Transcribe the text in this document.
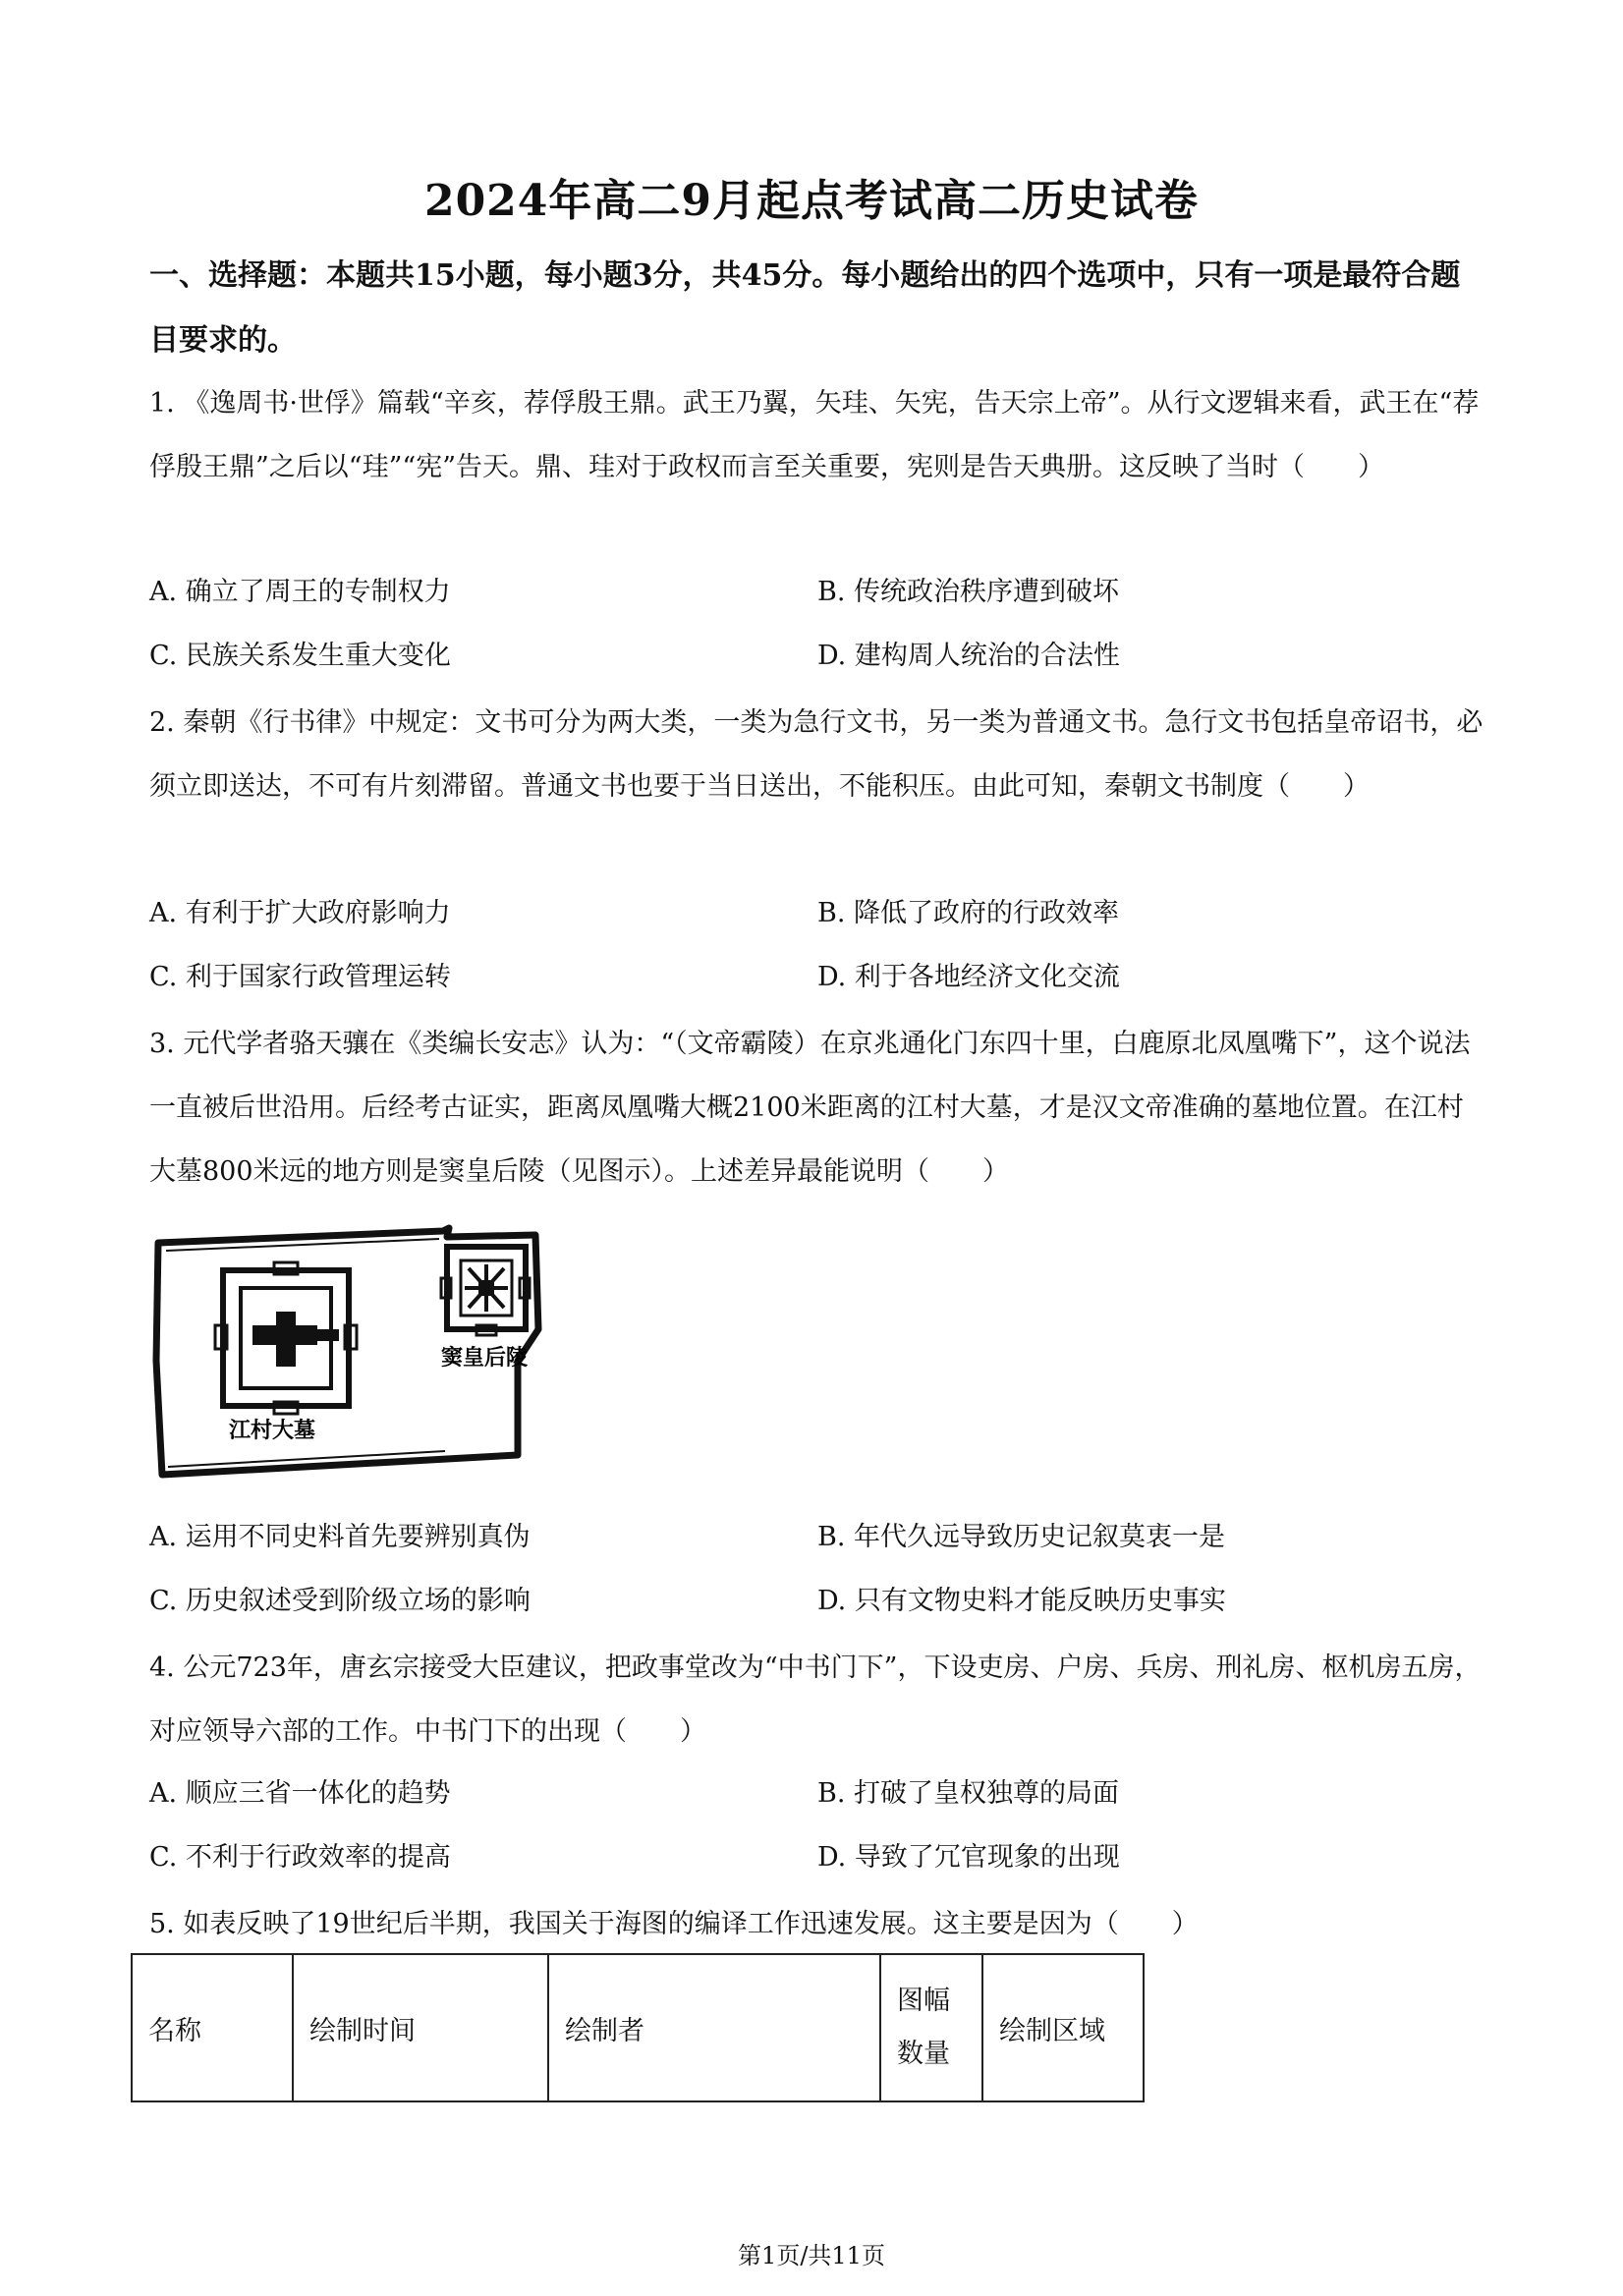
2024年高二9月起点考试高二历史试卷
一、选择题：本题共15小题，每小题3分，共45分。每小题给出的四个选项中，只有一项是最符合题目要求的。
1. 《逸周书·世俘》篇载“辛亥，荐俘殷王鼎。武王乃翼，矢珪、矢宪，告天宗上帝”。从行文逻辑来看，武王在“荐俘殷王鼎”之后以“珪”“宪”告天。鼎、珪对于政权而言至关重要，宪则是告天典册。这反映了当时（　　）
A. 确立了周王的专制权力	B. 传统政治秩序遭到破坏
C. 民族关系发生重大变化	D. 建构周人统治的合法性
2. 秦朝《行书律》中规定：文书可分为两大类，一类为急行文书，另一类为普通文书。急行文书包括皇帝诏书，必须立即送达，不可有片刻滞留。普通文书也要于当日送出，不能积压。由此可知，秦朝文书制度（　　）
A. 有利于扩大政府影响力	B. 降低了政府的行政效率
C. 利于国家行政管理运转	D. 利于各地经济文化交流
3. 元代学者骆天骧在《类编长安志》认为：“（文帝霸陵）在京兆通化门东四十里，白鹿原北凤凰嘴下”，这个说法一直被后世沿用。后经考古证实，距离凤凰嘴大概2100米距离的江村大墓，才是汉文帝准确的墓地位置。在江村大墓800米远的地方则是窦皇后陵（见图示）。上述差异最能说明（　　）
窦皇后陵
江村大墓
A. 运用不同史料首先要辨别真伪	B. 年代久远导致历史记叙莫衷一是
C. 历史叙述受到阶级立场的影响	D. 只有文物史料才能反映历史事实
4. 公元723年，唐玄宗接受大臣建议，把政事堂改为“中书门下”，下设吏房、户房、兵房、刑礼房、枢机房五房，对应领导六部的工作。中书门下的出现（　　）
A. 顺应三省一体化的趋势	B. 打破了皇权独尊的局面
C. 不利于行政效率的提高	D. 导致了冗官现象的出现
5. 如表反映了19世纪后半期，我国关于海图的编译工作迅速发展。这主要是因为（　　）
名称	绘制时间	绘制者	图幅数量	绘制区域
第1页/共11页
